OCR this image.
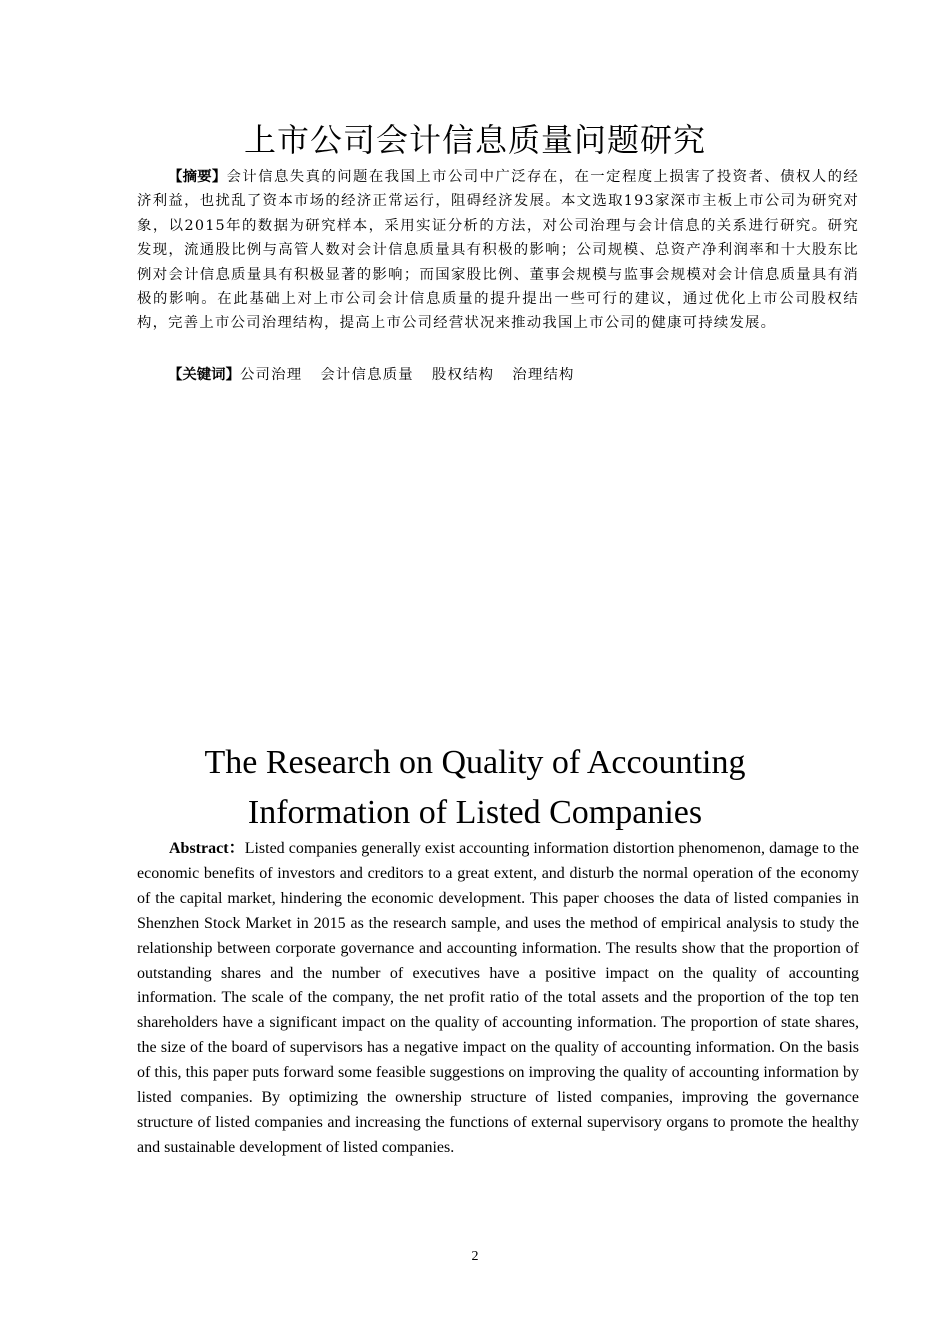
上市公司会计信息质量问题研究
【摘要】会计信息失真的问题在我国上市公司中广泛存在，在一定程度上损害了投资者、债权人的经济利益，也扰乱了资本市场的经济正常运行，阻碍经济发展。本文选取193家深市主板上市公司为研究对象，以2015年的数据为研究样本，采用实证分析的方法，对公司治理与会计信息的关系进行研究。研究发现，流通股比例与高管人数对会计信息质量具有积极的影响；公司规模、总资产净利润率和十大股东比例对会计信息质量具有积极显著的影响；而国家股比例、董事会规模与监事会规模对会计信息质量具有消极的影响。在此基础上对上市公司会计信息质量的提升提出一些可行的建议，通过优化上市公司股权结构，完善上市公司治理结构，提高上市公司经营状况来推动我国上市公司的健康可持续发展。
【关键词】公司治理 会计信息质量 股权结构 治理结构
The Research on Quality of Accounting
Information of Listed Companies
Abstract：Listed companies generally exist accounting information distortion phenomenon, damage to the economic benefits of investors and creditors to a great extent, and disturb the normal operation of the economy of the capital market, hindering the economic development. This paper chooses the data of listed companies in Shenzhen Stock Market in 2015 as the research sample, and uses the method of empirical analysis to study the relationship between corporate governance and accounting information. The results show that the proportion of outstanding shares and the number of executives have a positive impact on the quality of accounting information. The scale of the company, the net profit ratio of the total assets and the proportion of the top ten shareholders have a significant impact on the quality of accounting information. The proportion of state shares, the size of the board of supervisors has a negative impact on the quality of accounting information. On the basis of this, this paper puts forward some feasible suggestions on improving the quality of accounting information by listed companies. By optimizing the ownership structure of listed companies, improving the governance structure of listed companies and increasing the functions of external supervisory organs to promote the healthy and sustainable development of listed companies.
2
